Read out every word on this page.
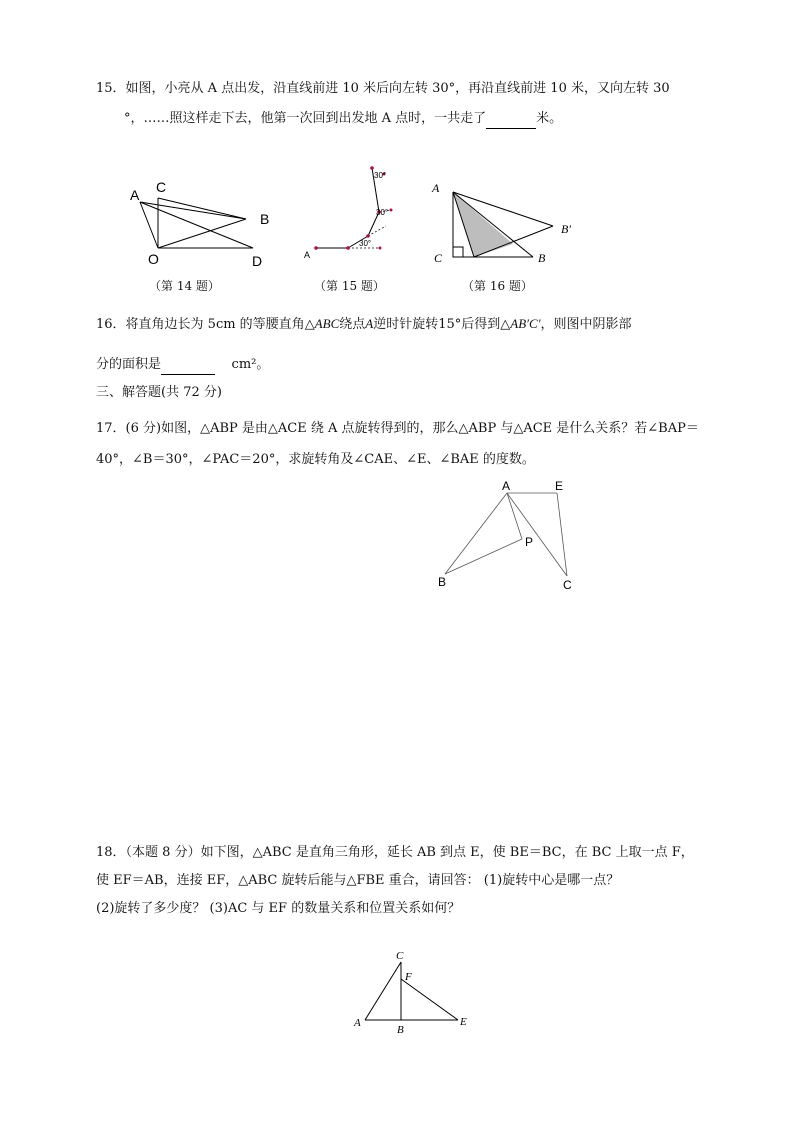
15．如图，小亮从 A 点出发，沿直线前进 10 米后向左转 30°，再沿直线前进 10 米，又向左转 30
°，……照这样走下去，他第一次回到出发地 A 点时，一共走了	米。
A C
B
O	D
（第 14 题）
A
30°
30°
30°
（第 15 题）
A
B′
C	B
（第 16 题）
16．将直角边长为 5cm 的等腰直角△ABC绕点A逆时针旋转15°后得到△AB′C′，则图中阴影部
分的面积是	cm²。
三、解答题(共 72 分)
17．(6 分)如图，△ABP 是由△ACE 绕 A 点旋转得到的，那么△ABP 与△ACE 是什么关系？若∠BAP＝
40°，∠B＝30°，∠PAC＝20°，求旋转角及∠CAE、∠E、∠BAE 的度数。
A	E
P
B	C
18．（本题 8 分）如下图，△ABC 是直角三角形，延长 AB 到点 E，使 BE＝BC，在 BC 上取一点 F，
使 EF＝AB，连接 EF，△ABC 旋转后能与△FBE 重合，请回答： (1)旋转中心是哪一点？
(2)旋转了多少度？ (3)AC 与 EF 的数量关系和位置关系如何？
C
F
A
B
E
